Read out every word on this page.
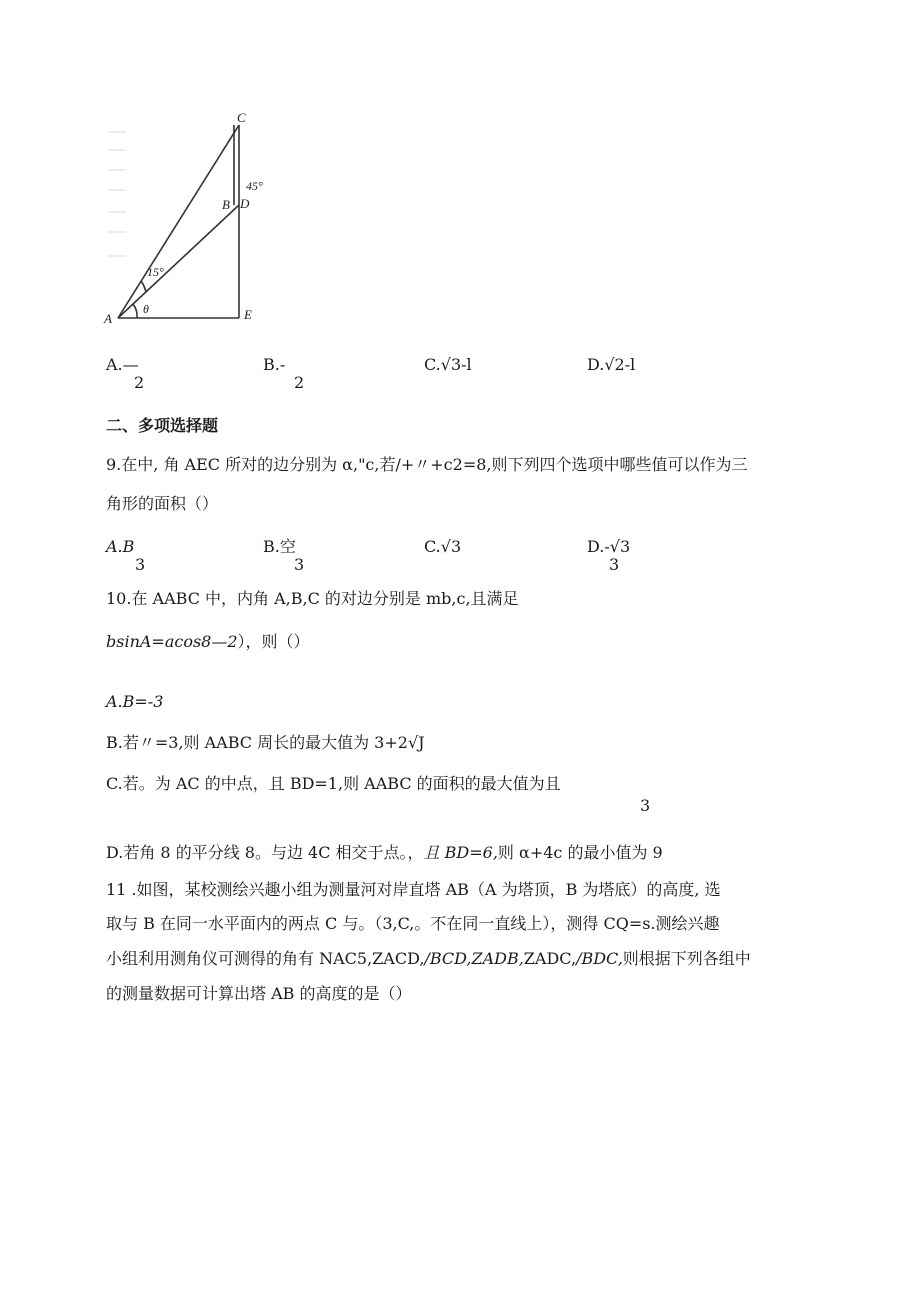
C
B D
45°
15°
θ
A	E
A.—
2
B.-
2
C.√3-l	D.√2-l
二、多项选择题
9.在中, 角 AEC 所对的边分别为 α,"c,若/+〃+c2=8,则下列四个选项中哪些值可以作为三
角形的面积（）
A.B
3
B.空
3
C.√3	D.-√3
3
10.在 AABC 中，内角 A,B,C 的对边分别是 mb,c,且满足
bsinA=acos8—2），则（）
A.B=-3
B.若〃=3,则 AABC 周长的最大值为 3+2√J
C.若。为 AC 的中点，且 BD=1,则 AABC 的面积的最大值为且
3
D.若角 8 的平分线 8。与边 4C 相交于点。，且 BD=6,则 α+4c 的最小值为 9
11 .如图，某校测绘兴趣小组为测量河对岸直塔 AB（A 为塔顶，B 为塔底）的高度, 选
取与 B 在同一水平面内的两点 C 与。（3,C,。不在同一直线上），测得 CQ=s.测绘兴趣
小组利用测角仪可测得的角有 NAC5,ZACD,/BCD,ZADB,ZADC,/BDC,则根据下列各组中
的测量数据可计算出塔 AB 的高度的是（）
